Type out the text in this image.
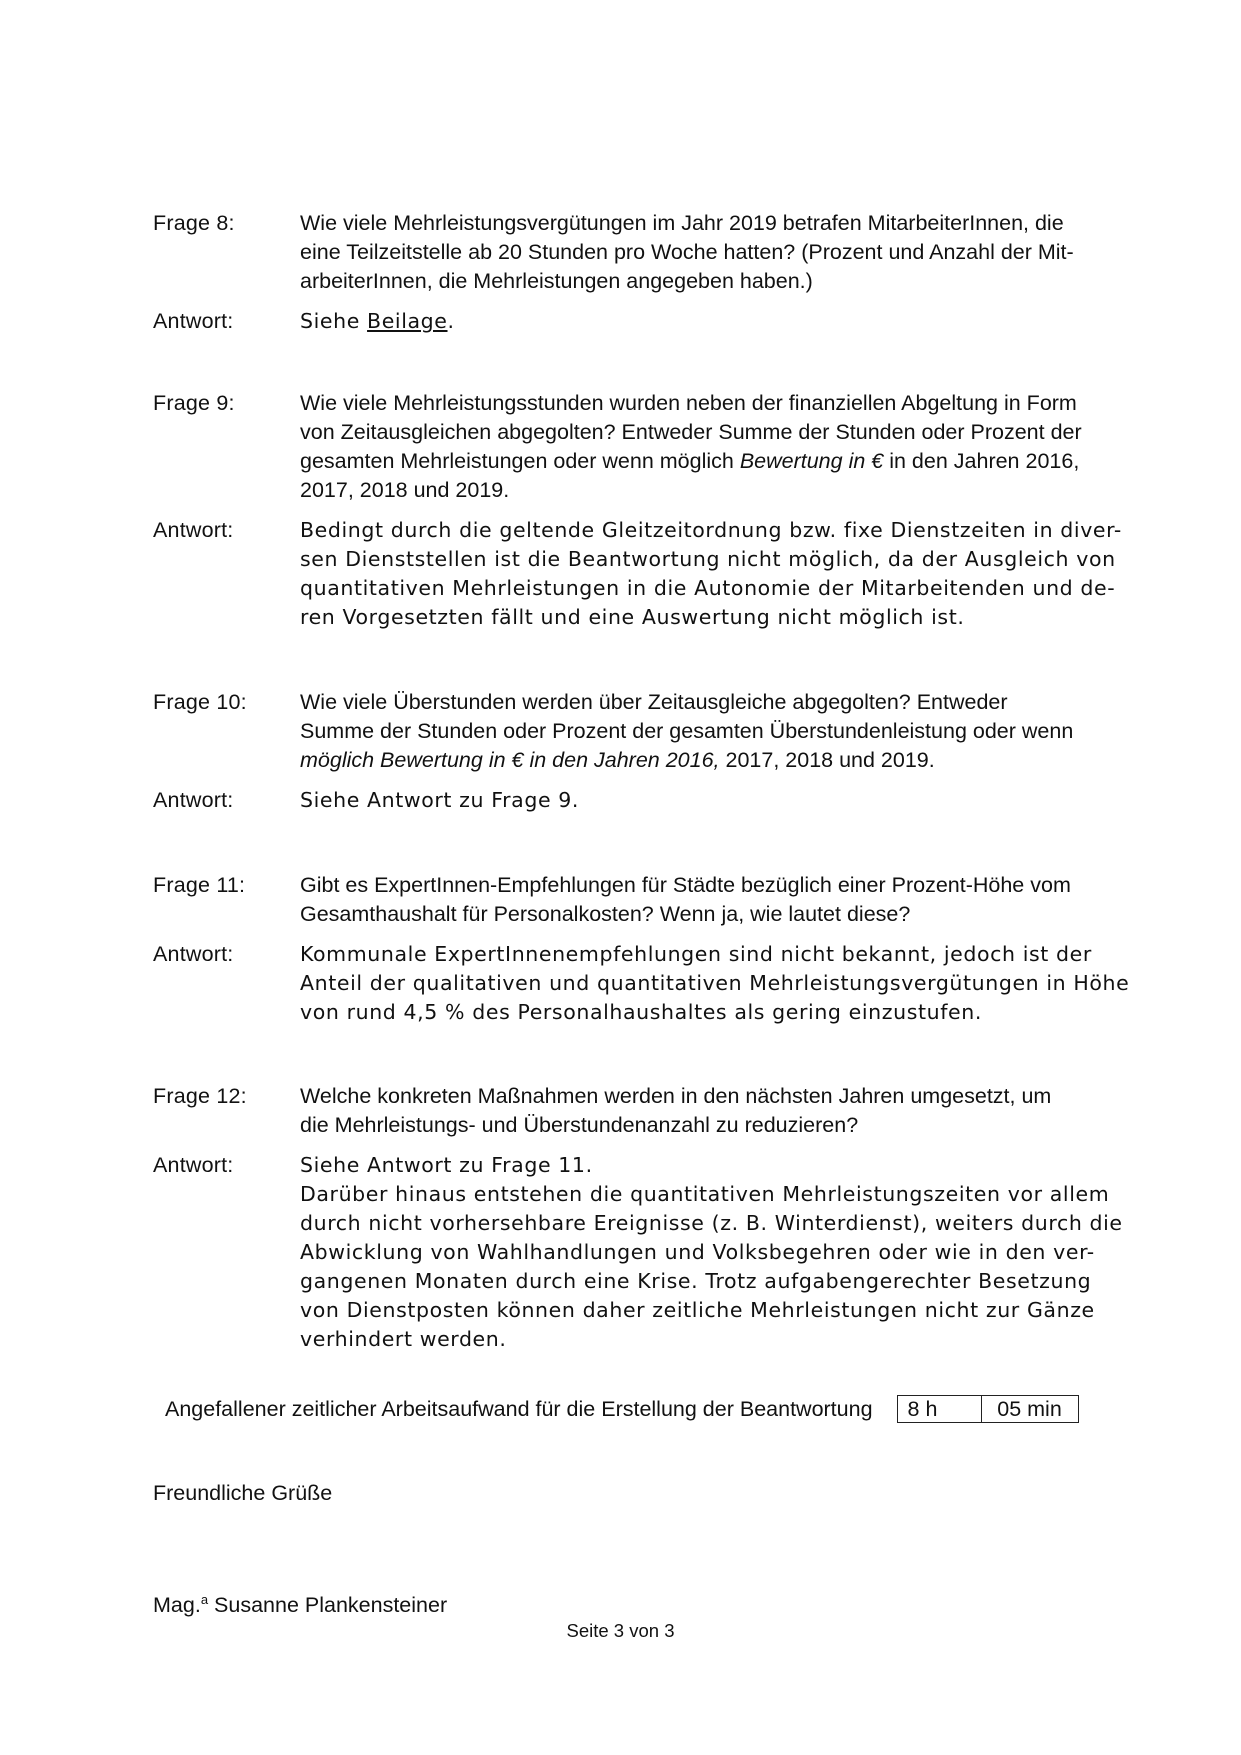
Frage 8:	Wie viele Mehrleistungsvergütungen im Jahr 2019 betrafen MitarbeiterInnen, die
eine Teilzeitstelle ab 20 Stunden pro Woche hatten? (Prozent und Anzahl der Mit-
arbeiterInnen, die Mehrleistungen angegeben haben.)
Antwort:	Siehe Beilage.
Frage 9:	Wie viele Mehrleistungsstunden wurden neben der finanziellen Abgeltung in Form
von Zeitausgleichen abgegolten? Entweder Summe der Stunden oder Prozent der
gesamten Mehrleistungen oder wenn möglich Bewertung in € in den Jahren 2016,
2017, 2018 und 2019.
Antwort:	Bedingt durch die geltende Gleitzeitordnung bzw. fixe Dienstzeiten in diver-
sen Dienststellen ist die Beantwortung nicht möglich, da der Ausgleich von
quantitativen Mehrleistungen in die Autonomie der Mitarbeitenden und de-
ren Vorgesetzten fällt und eine Auswertung nicht möglich ist.
Frage 10:	Wie viele Überstunden werden über Zeitausgleiche abgegolten? Entweder
Summe der Stunden oder Prozent der gesamten Überstundenleistung oder wenn
möglich Bewertung in € in den Jahren 2016, 2017, 2018 und 2019.
Antwort:	Siehe Antwort zu Frage 9.
Frage 11:	Gibt es ExpertInnen-Empfehlungen für Städte bezüglich einer Prozent-Höhe vom
Gesamthaushalt für Personalkosten? Wenn ja, wie lautet diese?
Antwort:	Kommunale ExpertInnenempfehlungen sind nicht bekannt, jedoch ist der
Anteil der qualitativen und quantitativen Mehrleistungsvergütungen in Höhe
von rund 4,5 % des Personalhaushaltes als gering einzustufen.
Frage 12:	Welche konkreten Maßnahmen werden in den nächsten Jahren umgesetzt, um
die Mehrleistungs- und Überstundenanzahl zu reduzieren?
Antwort:	Siehe Antwort zu Frage 11.
Darüber hinaus entstehen die quantitativen Mehrleistungszeiten vor allem
durch nicht vorhersehbare Ereignisse (z. B. Winterdienst), weiters durch die
Abwicklung von Wahlhandlungen und Volksbegehren oder wie in den ver-
gangenen Monaten durch eine Krise. Trotz aufgabengerechter Besetzung
von Dienstposten können daher zeitliche Mehrleistungen nicht zur Gänze
verhindert werden.
Angefallener zeitlicher Arbeitsaufwand für die Erstellung der Beantwortung	8 h	05 min
Freundliche Grüße
Mag.$^a$ Susanne Plankensteiner
Seite 3 von 3
